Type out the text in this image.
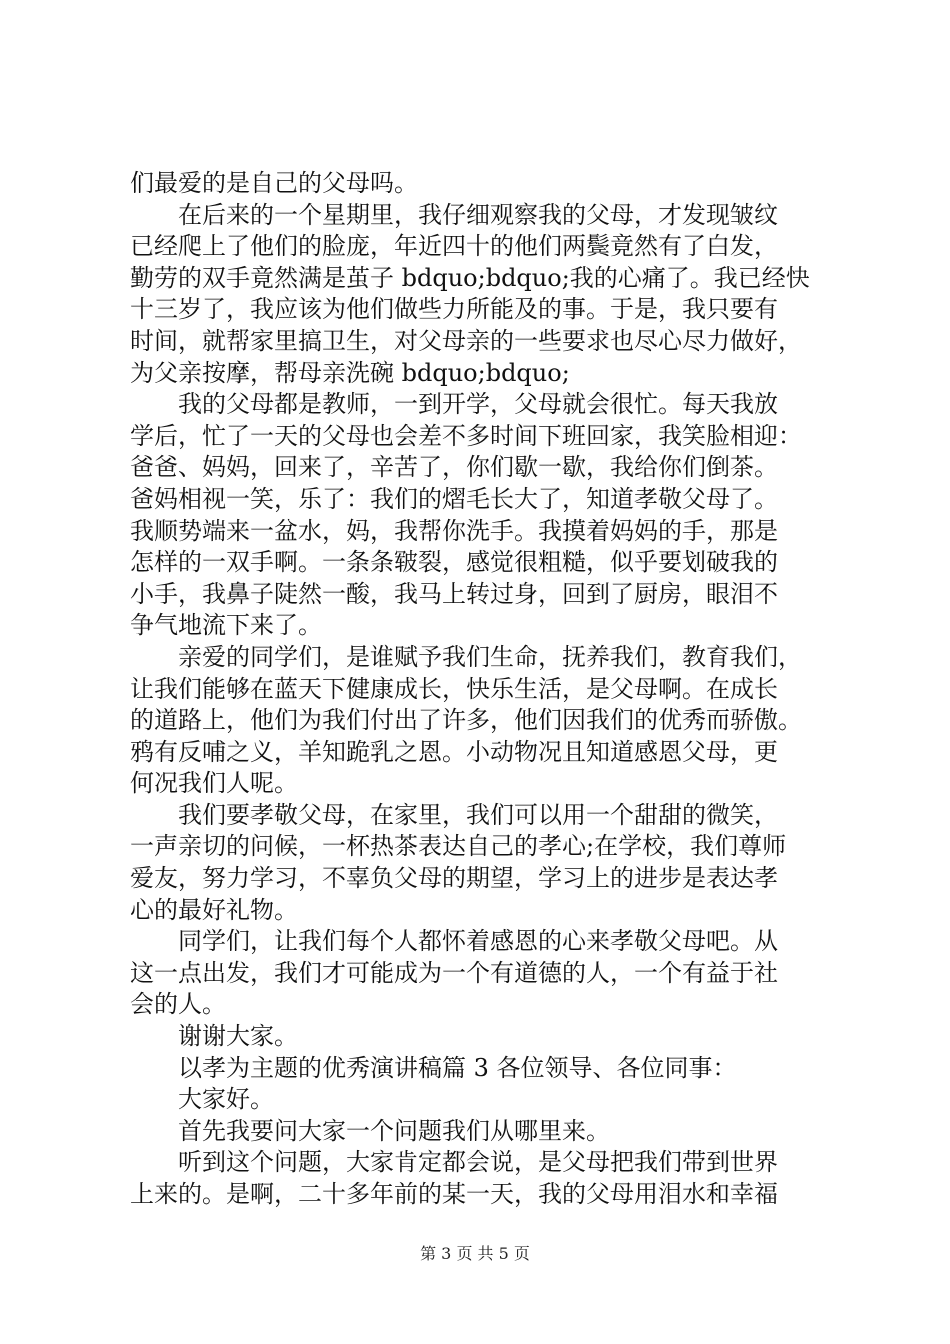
们最爱的是自己的父母吗。
在后来的一个星期里，我仔细观察我的父母，才发现皱纹
已经爬上了他们的脸庞，年近四十的他们两鬓竟然有了白发，
勤劳的双手竟然满是茧子 bdquo;bdquo;我的心痛了。我已经快
十三岁了，我应该为他们做些力所能及的事。于是，我只要有
时间，就帮家里搞卫生，对父母亲的一些要求也尽心尽力做好，
为父亲按摩，帮母亲洗碗 bdquo;bdquo;
我的父母都是教师，一到开学，父母就会很忙。每天我放
学后，忙了一天的父母也会差不多时间下班回家，我笑脸相迎：
爸爸、妈妈，回来了，辛苦了，你们歇一歇，我给你们倒茶。
爸妈相视一笑，乐了：我们的熠毛长大了，知道孝敬父母了。
我顺势端来一盆水，妈，我帮你洗手。我摸着妈妈的手，那是
怎样的一双手啊。一条条皲裂，感觉很粗糙，似乎要划破我的
小手，我鼻子陡然一酸，我马上转过身，回到了厨房，眼泪不
争气地流下来了。
亲爱的同学们，是谁赋予我们生命，抚养我们，教育我们，
让我们能够在蓝天下健康成长，快乐生活，是父母啊。在成长
的道路上，他们为我们付出了许多，他们因我们的优秀而骄傲。
鸦有反哺之义，羊知跪乳之恩。小动物况且知道感恩父母，更
何况我们人呢。
我们要孝敬父母，在家里，我们可以用一个甜甜的微笑，
一声亲切的问候，一杯热茶表达自己的孝心;在学校，我们尊师
爱友，努力学习，不辜负父母的期望，学习上的进步是表达孝
心的最好礼物。
同学们，让我们每个人都怀着感恩的心来孝敬父母吧。从
这一点出发，我们才可能成为一个有道德的人，一个有益于社
会的人。
谢谢大家。
以孝为主题的优秀演讲稿篇 3 各位领导、各位同事：
大家好。
首先我要问大家一个问题我们从哪里来。
听到这个问题，大家肯定都会说，是父母把我们带到世界
上来的。是啊，二十多年前的某一天，我的父母用泪水和幸福
第 3 页 共 5 页
